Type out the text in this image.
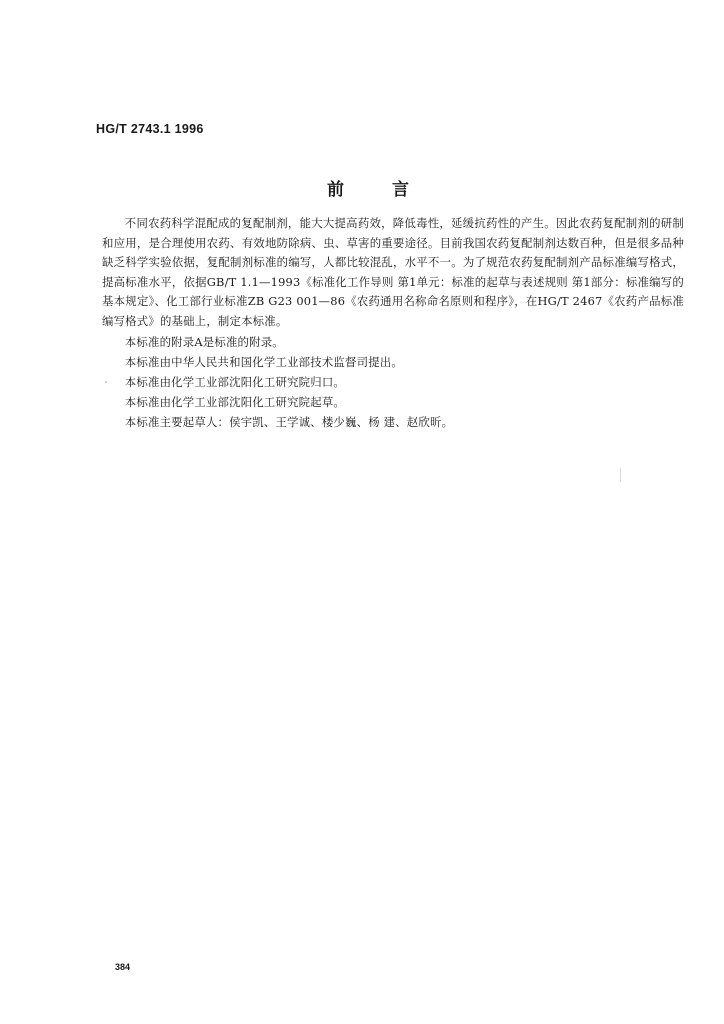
HG/T 2743.1 1996
前	言

不同农药科学混配成的复配制剂，能大大提高药效，降低毒性，延缓抗药性的产生。因此农药复配制剂的研制和应用，是合理使用农药、有效地防除病、虫、草害的重要途径。目前我国农药复配制剂达数百种，但是很多品种缺乏科学实验依据，复配制剂标准的编写，人都比较混乱，水平不一。为了规范农药复配制剂产品标准编写格式，提高标准水平，依据GB/T 1.1—1993《标准化工作导则 第1单元：标准的起草与表述规则 第1部分：标准编写的基本规定》、化工部行业标准ZB G23 001—86《农药通用名称命名原则和程序》，在HG/T 2467《农药产品标准编写格式》的基础上，制定本标准。

本标准的附录A是标准的附录。

本标准由中华人民共和国化学工业部技术监督司提出。

本标准由化学工业部沈阳化工研究院归口。

本标准由化学工业部沈阳化工研究院起草。

本标准主要起草人：侯宇凯、王学诚、楼少巍、杨 建、赵欣昕。

384
